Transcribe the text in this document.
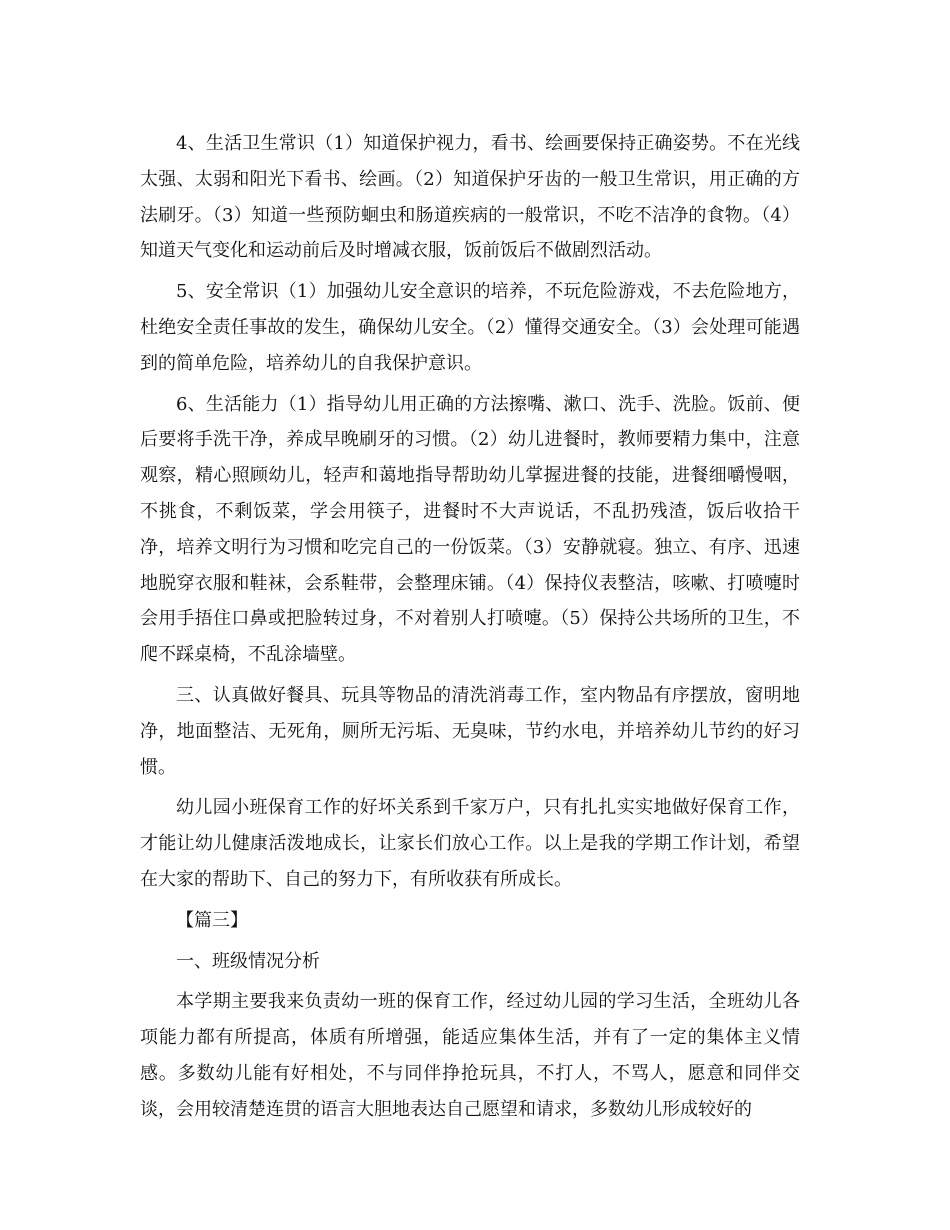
4、生活卫生常识（1）知道保护视力，看书、绘画要保持正确姿势。不在光线太强、太弱和阳光下看书、绘画。（2）知道保护牙齿的一般卫生常识，用正确的方法刷牙。（3）知道一些预防蛔虫和肠道疾病的一般常识，不吃不洁净的食物。（4）知道天气变化和运动前后及时增减衣服，饭前饭后不做剧烈活动。

5、安全常识（1）加强幼儿安全意识的培养，不玩危险游戏，不去危险地方，杜绝安全责任事故的发生，确保幼儿安全。（2）懂得交通安全。（3）会处理可能遇到的简单危险，培养幼儿的自我保护意识。

6、生活能力（1）指导幼儿用正确的方法擦嘴、漱口、洗手、洗脸。饭前、便后要将手洗干净，养成早晚刷牙的习惯。（2）幼儿进餐时，教师要精力集中，注意观察，精心照顾幼儿，轻声和蔼地指导帮助幼儿掌握进餐的技能，进餐细嚼慢咽，不挑食，不剩饭菜，学会用筷子，进餐时不大声说话，不乱扔残渣，饭后收拾干净，培养文明行为习惯和吃完自己的一份饭菜。（3）安静就寝。独立、有序、迅速地脱穿衣服和鞋袜，会系鞋带，会整理床铺。（4）保持仪表整洁，咳嗽、打喷嚏时会用手捂住口鼻或把脸转过身，不对着别人打喷嚏。（5）保持公共场所的卫生，不爬不踩桌椅，不乱涂墙壁。

三、认真做好餐具、玩具等物品的清洗消毒工作，室内物品有序摆放，窗明地净，地面整洁、无死角，厕所无污垢、无臭味，节约水电，并培养幼儿节约的好习惯。

幼儿园小班保育工作的好坏关系到千家万户，只有扎扎实实地做好保育工作，才能让幼儿健康活泼地成长，让家长们放心工作。以上是我的学期工作计划，希望在大家的帮助下、自己的努力下，有所收获有所成长。

【篇三】

一、班级情况分析

本学期主要我来负责幼一班的保育工作，经过幼儿园的学习生活，全班幼儿各项能力都有所提高，体质有所增强，能适应集体生活，并有了一定的集体主义情感。多数幼儿能有好相处，不与同伴挣抢玩具，不打人，不骂人，愿意和同伴交谈，会用较清楚连贯的语言大胆地表达自己愿望和请求，多数幼儿形成较好的
